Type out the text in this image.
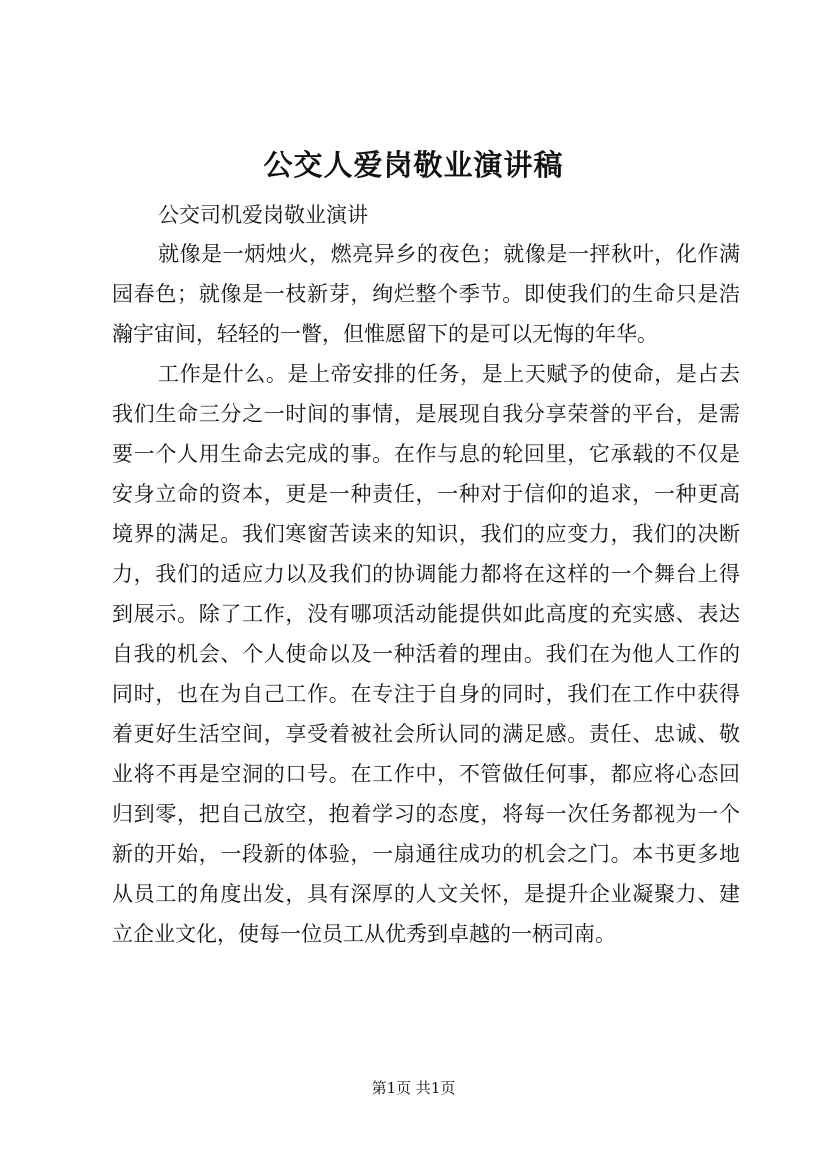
公交人爱岗敬业演讲稿

公交司机爱岗敬业演讲

就像是一炳烛火，燃亮异乡的夜色；就像是一抨秋叶，化作满园春色；就像是一枝新芽，绚烂整个季节。即使我们的生命只是浩瀚宇宙间，轻轻的一瞥，但惟愿留下的是可以无悔的年华。

工作是什么。是上帝安排的任务，是上天赋予的使命，是占去我们生命三分之一时间的事情，是展现自我分享荣誉的平台，是需要一个人用生命去完成的事。在作与息的轮回里，它承载的不仅是安身立命的资本，更是一种责任，一种对于信仰的追求，一种更高境界的满足。我们寒窗苦读来的知识，我们的应变力，我们的决断力，我们的适应力以及我们的协调能力都将在这样的一个舞台上得到展示。除了工作，没有哪项活动能提供如此高度的充实感、表达自我的机会、个人使命以及一种活着的理由。我们在为他人工作的同时，也在为自己工作。在专注于自身的同时，我们在工作中获得着更好生活空间，享受着被社会所认同的满足感。责任、忠诚、敬业将不再是空洞的口号。在工作中，不管做任何事，都应将心态回归到零，把自己放空，抱着学习的态度，将每一次任务都视为一个新的开始，一段新的体验，一扇通往成功的机会之门。本书更多地从员工的角度出发，具有深厚的人文关怀，是提升企业凝聚力、建立企业文化，使每一位员工从优秀到卓越的一柄司南。

第1页 共1页
